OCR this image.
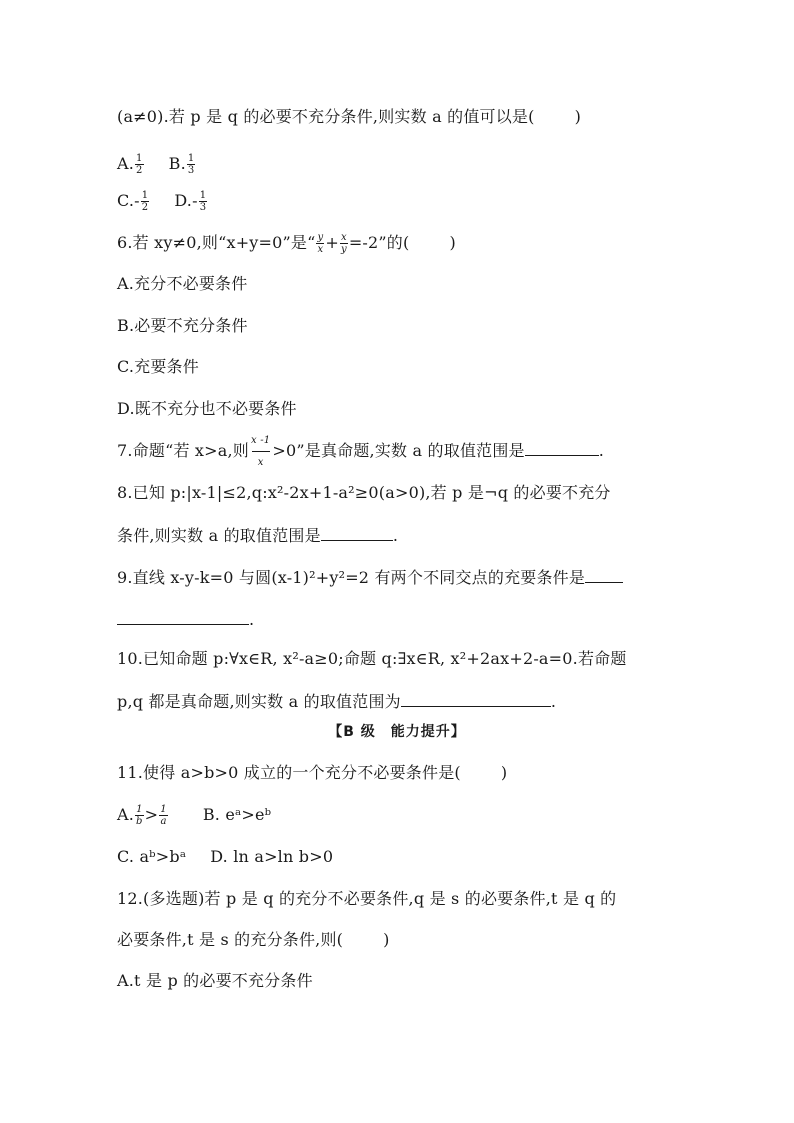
(a≠0).若 p 是 q 的必要不充分条件,则实数 a 的值可以是(	)
A. $\frac{1}{2} B$. $\frac{1}{3}$
$C.- \frac{1}{2} D.- \frac{1}{3}$
6.若 xy≠0,则“x+y=0”是“ $\frac{y}{x} + \frac{x}{y} =-2$”的(	)
A.充分不必要条件
B.必要不充分条件
C.充要条件
D.既不充分也不必要条件
7.命题“若 x>a,则 $\frac{x -1}{x} >0$”是真命题,实数 a 的取值范围是	.
8.已知 p:|x-1|≤2,q:x²-2x+1-a²≥0(a>0),若 p 是¬q 的必要不充分
条件,则实数 a 的取值范围是	.
9.直线 x-y-k=0 与圆(x-1)²+y²=2 有两个不同交点的充要条件是
.
10.已知命题 p:∀x∈R, x²-a≥0;命题 q:∃x∈R, x²+2ax+2-a=0.若命题
p,q 都是真命题,则实数 a 的取值范围为	.
【B 级　能力提升】
11.使得 a>b>0 成立的一个充分不必要条件是(	)
A. $\frac{1}{b} > \frac{1}{a} B$. eᵃ>eᵇ
C. aᵇ>bᵃ D. ln a>ln b>0
12.(多选题)若 p 是 q 的充分不必要条件,q 是 s 的必要条件,t 是 q 的
必要条件,t 是 s 的充分条件,则(	)
A.t 是 p 的必要不充分条件
